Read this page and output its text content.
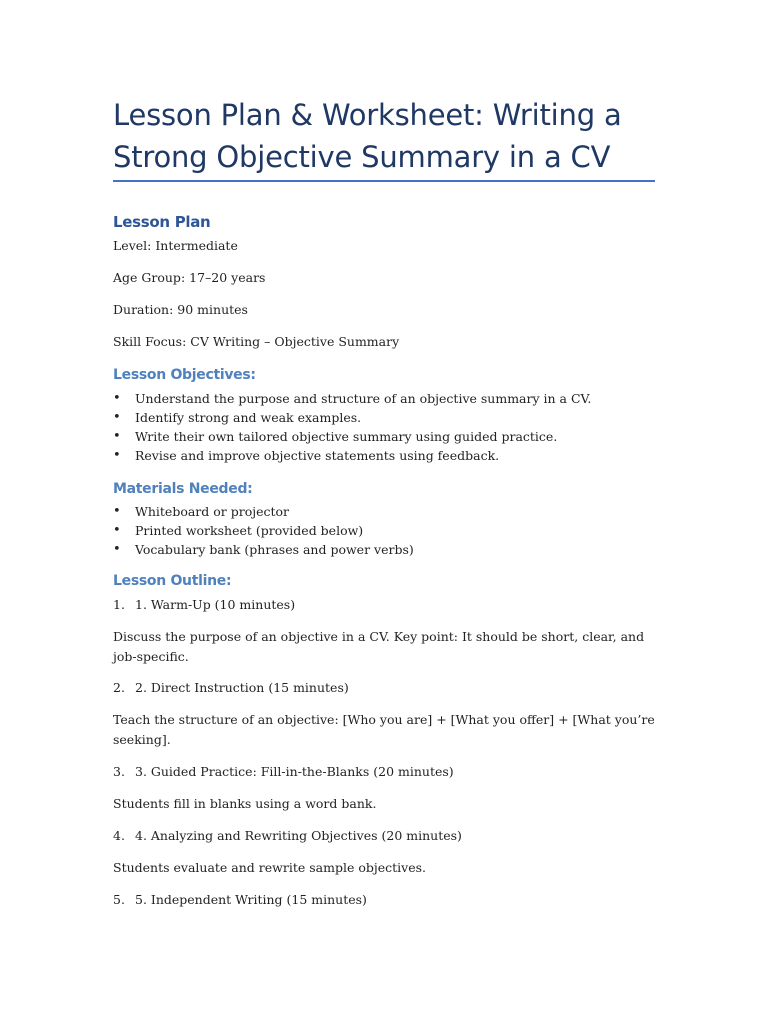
Lesson Plan & Worksheet: Writing a Strong Objective Summary in a CV
Lesson Plan

Level: Intermediate

Age Group: 17–20 years

Duration: 90 minutes

Skill Focus: CV Writing – Objective Summary

Lesson Objectives:
• Understand the purpose and structure of an objective summary in a CV.
• Identify strong and weak examples.
• Write their own tailored objective summary using guided practice.
• Revise and improve objective statements using feedback.
Materials Needed:
• Whiteboard or projector
• Printed worksheet (provided below)
• Vocabulary bank (phrases and power verbs)
Lesson Outline:
1. 1. Warm-Up (10 minutes)

Discuss the purpose of an objective in a CV. Key point: It should be short, clear, and job-specific.

2. 2. Direct Instruction (15 minutes)

Teach the structure of an objective: [Who you are] + [What you offer] + [What you’re seeking].

3. 3. Guided Practice: Fill-in-the-Blanks (20 minutes)

Students fill in blanks using a word bank.

4. 4. Analyzing and Rewriting Objectives (20 minutes)

Students evaluate and rewrite sample objectives.

5. 5. Independent Writing (15 minutes)
